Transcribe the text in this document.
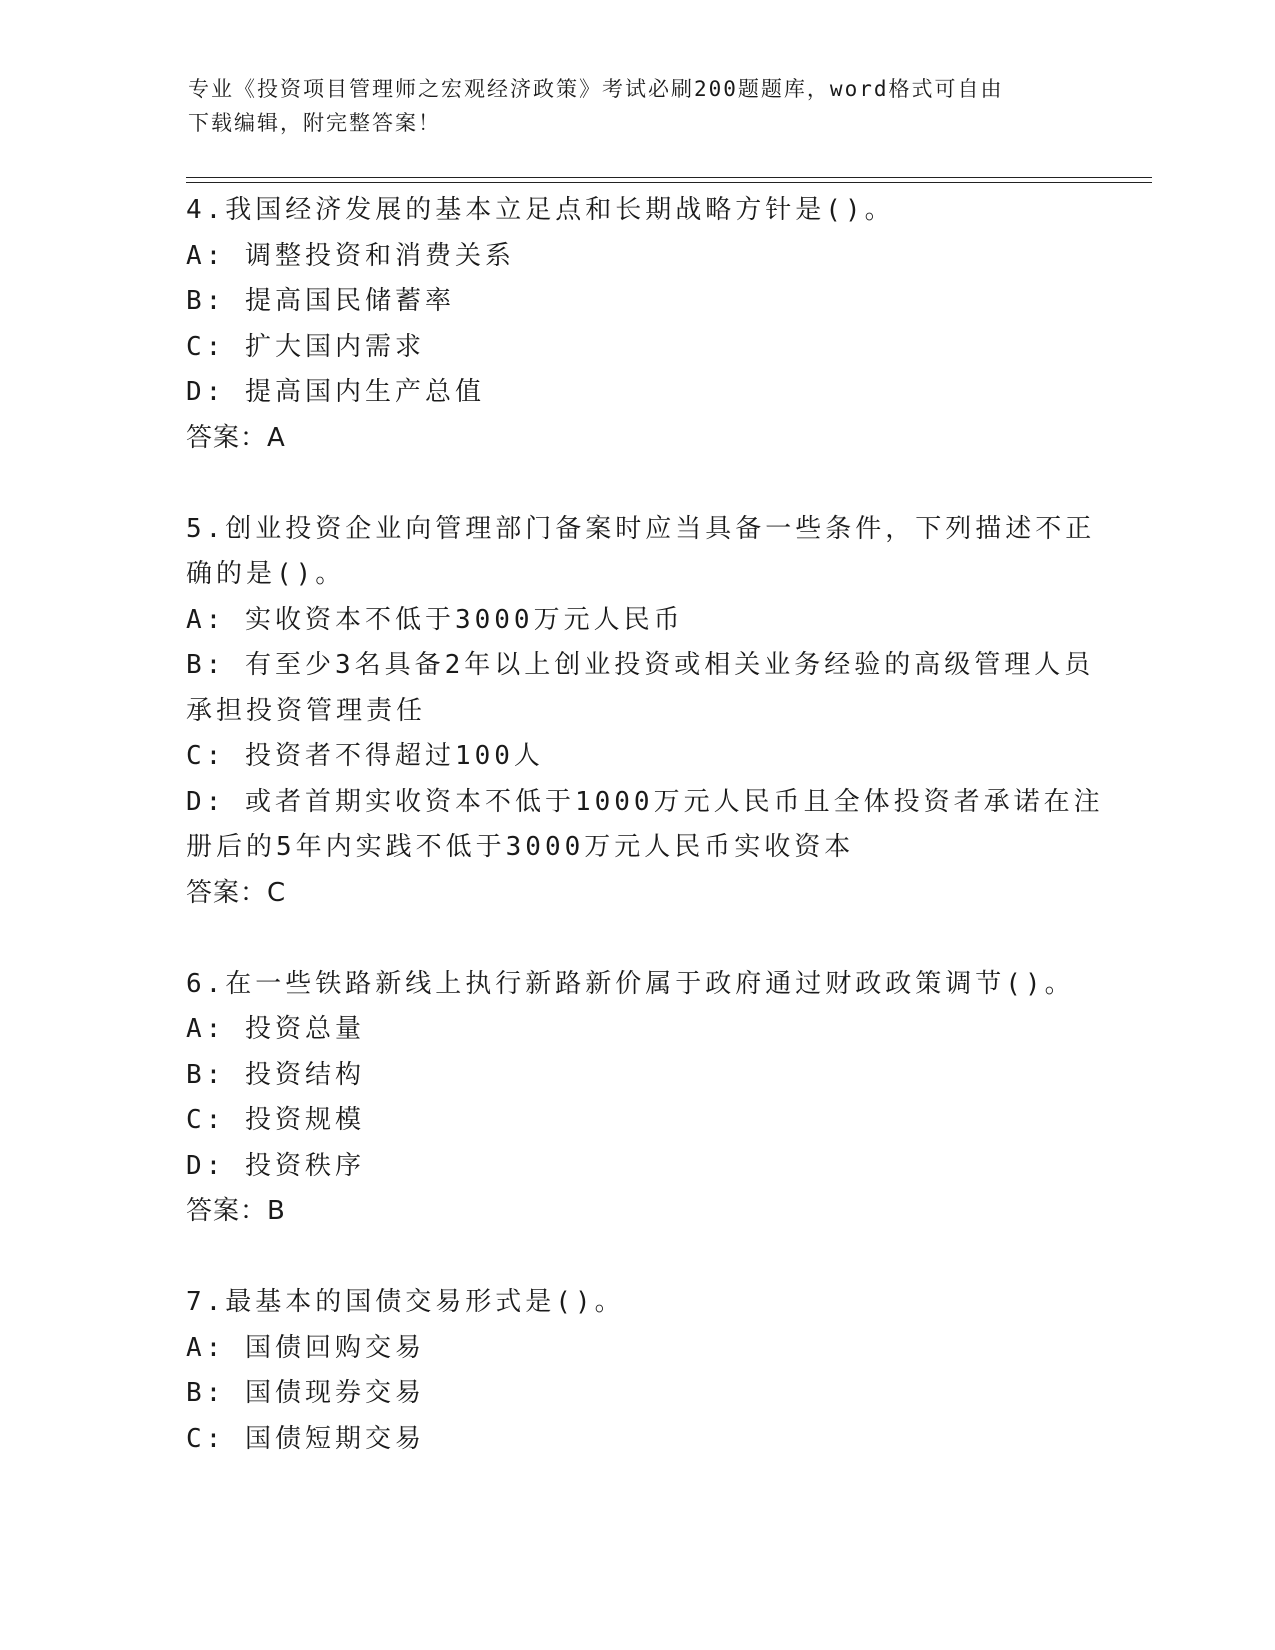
专业《投资项目管理师之宏观经济政策》考试必刷200题题库，word格式可自由
下载编辑，附完整答案！
4.我国经济发展的基本立足点和长期战略方针是()。
A: 调整投资和消费关系
B: 提高国民储蓄率
C: 扩大国内需求
D: 提高国内生产总值
答案：A
5.创业投资企业向管理部门备案时应当具备一些条件，下列描述不正
确的是()。
A: 实收资本不低于3000万元人民币
B: 有至少3名具备2年以上创业投资或相关业务经验的高级管理人员
承担投资管理责任
C: 投资者不得超过100人
D: 或者首期实收资本不低于1000万元人民币且全体投资者承诺在注
册后的5年内实践不低于3000万元人民币实收资本
答案：C
6.在一些铁路新线上执行新路新价属于政府通过财政政策调节()。
A: 投资总量
B: 投资结构
C: 投资规模
D: 投资秩序
答案：B
7.最基本的国债交易形式是()。
A: 国债回购交易
B: 国债现券交易
C: 国债短期交易
